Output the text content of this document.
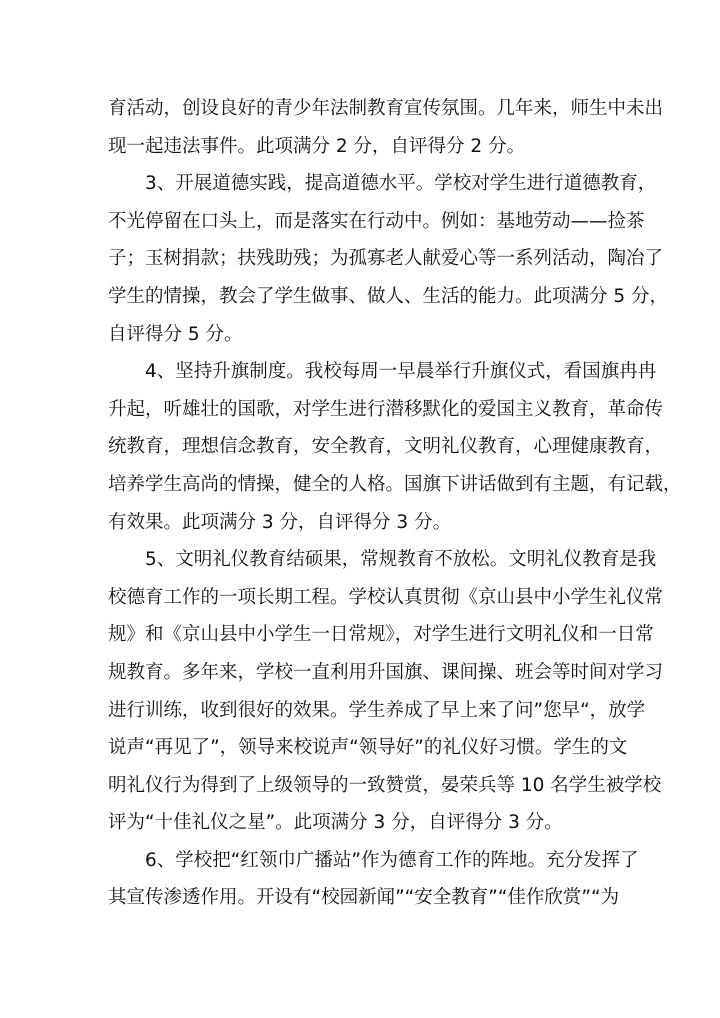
育活动，创设良好的青少年法制教育宣传氛围。几年来，师生中未出
现一起违法事件。此项满分 2 分，自评得分 2 分。
3、开展道德实践，提高道德水平。学校对学生进行道德教育，
不光停留在口头上，而是落实在行动中。例如：基地劳动——捡茶
子；玉树捐款；扶残助残；为孤寡老人献爱心等一系列活动，陶冶了
学生的情操，教会了学生做事、做人、生活的能力。此项满分 5 分，
自评得分 5 分。
4、坚持升旗制度。我校每周一早晨举行升旗仪式，看国旗冉冉
升起，听雄壮的国歌，对学生进行潜移默化的爱国主义教育，革命传
统教育，理想信念教育，安全教育，文明礼仪教育，心理健康教育，
培养学生高尚的情操，健全的人格。国旗下讲话做到有主题，有记载，
有效果。此项满分 3 分，自评得分 3 分。
5、文明礼仪教育结硕果，常规教育不放松。文明礼仪教育是我
校德育工作的一项长期工程。学校认真贯彻《京山县中小学生礼仪常
规》和《京山县中小学生一日常规》，对学生进行文明礼仪和一日常
规教育。多年来，学校一直利用升国旗、课间操、班会等时间对学习
进行训练，收到很好的效果。学生养成了早上来了问”您早“，放学
说声“再见了”，领导来校说声“领导好”的礼仪好习惯。学生的文
明礼仪行为得到了上级领导的一致赞赏，晏荣兵等 10 名学生被学校
评为“十佳礼仪之星”。此项满分 3 分，自评得分 3 分。
6、学校把“红领巾广播站”作为德育工作的阵地。充分发挥了
其宣传渗透作用。开设有“校园新闻”“安全教育”“佳作欣赏”“为
